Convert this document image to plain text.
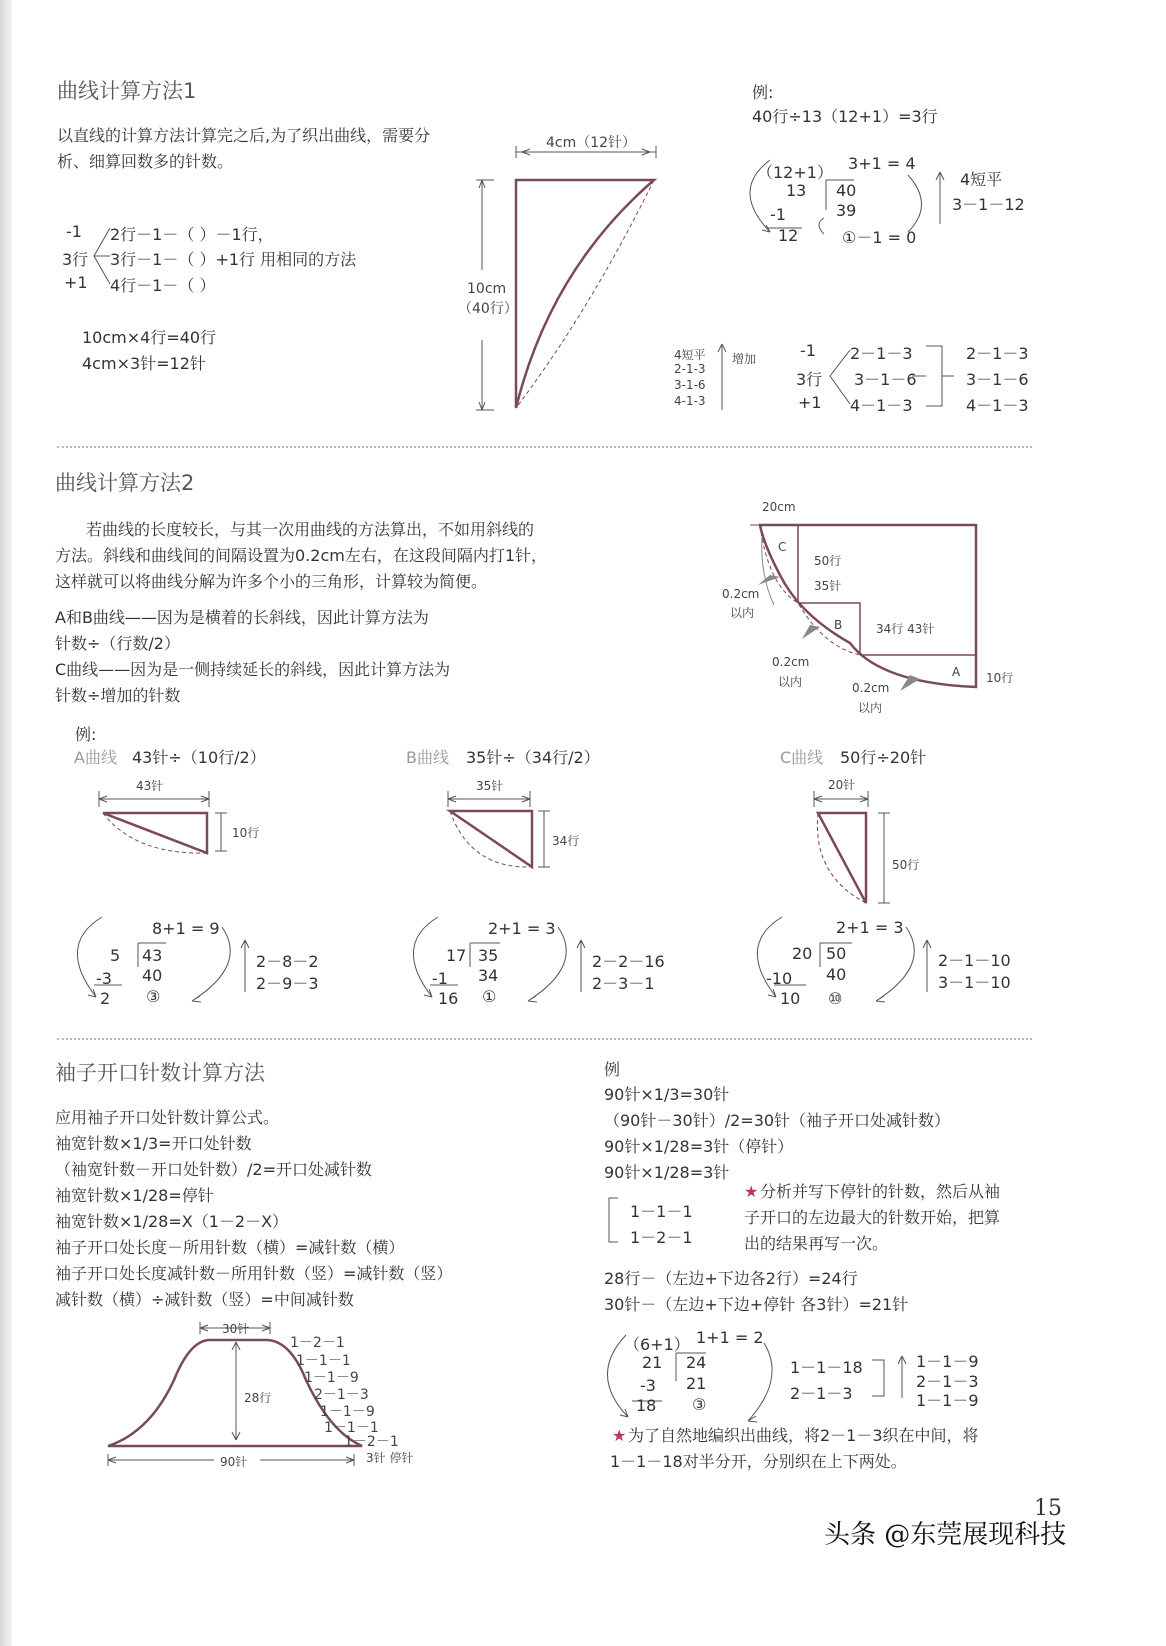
曲线计算方法1
以直线的计算方法计算完之后,为了织出曲线，需要分
析、细算回数多的针数。
-1
3行
+1
2行－1－（ ）－1行，
3行－1－（ ）+1行 用相同的方法
4行－1－（ ）
10cm×4行=40行
4cm×3针=12针
4cm（12针）
10cm
（40行）
例:
40行÷13（12+1）=3行
（12+1） 3+1 = 4
13 40
39
-1
12	①－1 = 0
4短平
3－1－12
4短平
2-1-3
3-1-6
4-1-3
增加	-1
3行
+1
2－1－3
3－1－6
4－1－3
2－1－3
3－1－6
4－1－3
曲线计算方法2
若曲线的长度较长，与其一次用曲线的方法算出，不如用斜线的
方法。斜线和曲线间的间隔设置为0.2cm左右，在这段间隔内打1针，
这样就可以将曲线分解为许多个小的三角形，计算较为简便。
A和B曲线——因为是横着的长斜线，因此计算方法为
针数÷（行数/2）
C曲线——因为是一侧持续延长的斜线，因此计算方法为
针数÷增加的针数
20cm
C
50行
35针
0.2cm
以内
B	34行 43针
0.2cm
以内
A 10行
0.2cm
以内
例:
A曲线 43针÷（10行/2）
43针
10行
8+1 = 9
5 43
-3 40
2 ③
2－8－2
2－9－3
B曲线 35针÷（34行/2）
35针
34行
2+1 = 3
17 35
-1 34
16 ①
2－2－16
2－3－1
C曲线 50行÷20针
20针
50行
2+1 = 3
20 50
-10 40
10 ⑩
2－1－10
3－1－10
袖子开口针数计算方法
应用袖子开口处针数计算公式。
袖宽针数×1/3=开口处针数
（袖宽针数－开口处针数）/2=开口处减针数
袖宽针数×1/28=停针
袖宽针数×1/28=X（1－2－X）
袖子开口处长度－所用针数（横）=减针数（横）
袖子开口处长度减针数－所用针数（竖）=减针数（竖）
减针数（横）÷减针数（竖）=中间减针数
30针
28行
90针
1－2－1
1－1－1
1－1－9
2－1－3
1－1－9
1－1－1
1－2－1
3针 停针
例
90针×1/3=30针
（90针－30针）/2=30针（袖子开口处减针数）
90针×1/28=3针（停针）
90针×1/28=3针
1－1－1
1－2－1
★ 分析并写下停针的针数，然后从袖
子开口的左边最大的针数开始，把算
出的结果再写一次。
28行－（左边+下边各2行）=24行
30针－（左边+下边+停针 各3针）=21针
（6+1） 1+1 = 2
21 24
-3 21
18 ③
1－1－18
2－1－3
1－1－9
2－1－3
1－1－9
★ 为了自然地编织出曲线，将2－1－3织在中间，将
1－1－18对半分开，分别织在上下两处。
15
头条 @东莞展现科技
